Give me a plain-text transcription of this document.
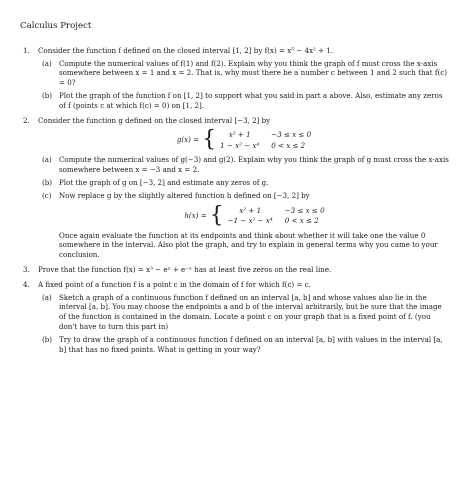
Calculus Project
1.	Consider the function f defined on the closed interval [1, 2] by f(x) = x⁵ − 4x² + 1.
(a)	Compute the numerical values of f(1) and f(2). Explain why you think the graph of f must cross the x-axis somewhere between x = 1 and x = 2. That is, why must there be a number c between 1 and 2 such that f(c) = 0?
(b) Plot the graph of the function f on [1, 2] to support what you said in part a above. Also, estimate any zeros of f (points c at which f(c) = 0) on [1, 2].
2.	Consider the function g defined on the closed interval [−3, 2] by
g(x) = {	x² + 1	−3 ≤ x ≤ 0
1 − x² − x⁴ 0 < x ≤ 2
(a)	Compute the numerical values of g(−3) and g(2). Explain why you think the graph of g must cross the x-axis somewhere between x = −3 and x = 2.
(b) Plot the graph of g on [−3, 2] and estimate any zeros of g.
(c)	Now replace g by the slightly altered function h defined on [−3, 2] by
h(x) = {	x² + 1	−3 ≤ x ≤ 0
−1 − x² − x⁴ 0 < x ≤ 2
Once again evaluate the function at its endpoints and think about whether it will take one the value 0 somewhere in the interval. Also plot the graph, and try to explain in general terms why you came to your conclusion.
3.	Prove that the function f(x) = x³ − eˣ + e⁻ˣ has at least five zeros on the real line.
4.	A fixed point of a function f is a point c in the domain of f for which f(c) = c.
(a)	Sketch a graph of a continuous function f defined on an interval [a, b] and whose values also lie in the interval [a, b]. You may choose the endpoints a and b of the interval arbitrarily, but be sure that the image of the function is contained in the domain. Locate a point c on your graph that is a fixed point of f. (you don't have to turn this part in)
(b) Try to draw the graph of a continuous function f defined on an interval [a, b] with values in the interval [a, b] that has no fixed points. What is getting in your way?
